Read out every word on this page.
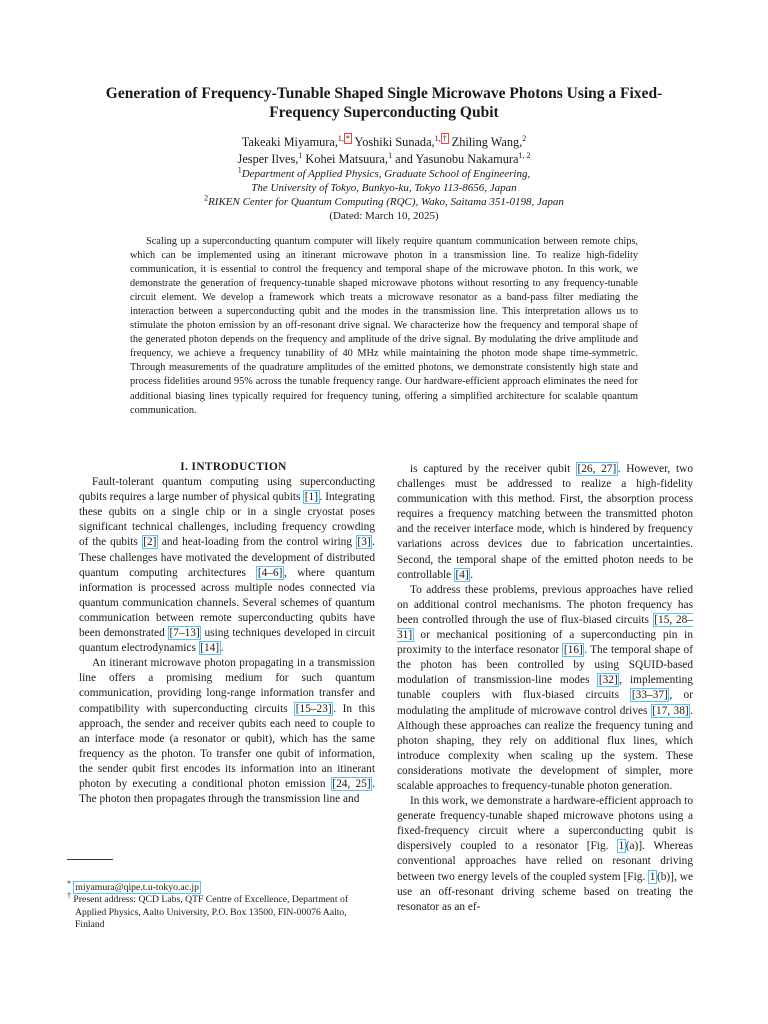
Generation of Frequency-Tunable Shaped Single Microwave Photons Using a Fixed-Frequency Superconducting Qubit
Takeaki Miyamura,$^{1,}$ * Yoshiki Sunada,$^{1,}$ † Zhiling Wang,$^2$
Jesper Ilves,$^1$ Kohei Matsuura,$^1$ and Yasunobu Nakamura$^{1, 2}$
$^1$Department of Applied Physics, Graduate School of Engineering,
The University of Tokyo, Bunkyo-ku, Tokyo 113-8656, Japan
$^2$RIKEN Center for Quantum Computing (RQC), Wako, Saitama 351-0198, Japan
(Dated: March 10, 2025)
Scaling up a superconducting quantum computer will likely require quantum communication between remote chips, which can be implemented using an itinerant microwave photon in a transmission line. To realize high-fidelity communication, it is essential to control the frequency and temporal shape of the microwave photon. In this work, we demonstrate the generation of frequency-tunable shaped microwave photons without resorting to any frequency-tunable circuit element. We develop a framework which treats a microwave resonator as a band-pass filter mediating the interaction between a superconducting qubit and the modes in the transmission line. This interpretation allows us to stimulate the photon emission by an off-resonant drive signal. We characterize how the frequency and temporal shape of the generated photon depends on the frequency and amplitude of the drive signal. By modulating the drive amplitude and frequency, we achieve a frequency tunability of 40 MHz while maintaining the photon mode shape time-symmetric. Through measurements of the quadrature amplitudes of the emitted photons, we demonstrate consistently high state and process fidelities around 95% across the tunable frequency range. Our hardware-efficient approach eliminates the need for additional biasing lines typically required for frequency tuning, offering a simplified architecture for scalable quantum communication.

I. INTRODUCTION

Fault-tolerant quantum computing using superconducting qubits requires a large number of physical qubits [1] . Integrating these qubits on a single chip or in a single cryostat poses significant technical challenges, including frequency crowding of the qubits [2] and heat-loading from the control wiring [3] . These challenges have motivated the development of distributed quantum computing architectures [4–6] , where quantum information is processed across multiple nodes connected via quantum communication channels. Several schemes of quantum communication between remote superconducting qubits have been demonstrated [7–13] using techniques developed in circuit quantum electrodynamics [14] .

An itinerant microwave photon propagating in a transmission line offers a promising medium for such quantum communication, providing long-range information transfer and compatibility with superconducting circuits [15–23] . In this approach, the sender and receiver qubits each need to couple to an interface mode (a resonator or qubit), which has the same frequency as the photon. To transfer one qubit of information, the sender qubit first encodes its information into an itinerant photon by executing a conditional photon emission [24, 25] . The photon then propagates through the transmission line and

is captured by the receiver qubit [26, 27] . However, two challenges must be addressed to realize a high-fidelity communication with this method. First, the absorption process requires a frequency matching between the transmitted photon and the receiver interface mode, which is hindered by frequency variations across devices due to fabrication uncertainties. Second, the temporal shape of the emitted photon needs to be controllable [4] .

To address these problems, previous approaches have relied on additional control mechanisms. The photon frequency has been controlled through the use of flux-biased circuits [15, 28–31] or mechanical positioning of a superconducting pin in proximity to the interface resonator [16] . The temporal shape of the photon has been controlled by using SQUID-based modulation of transmission-line modes [32] , implementing tunable couplers with flux-biased circuits [33–37] , or modulating the amplitude of microwave control drives [17, 38] . Although these approaches can realize the frequency tuning and photon shaping, they rely on additional flux lines, which introduce complexity when scaling up the system. These considerations motivate the development of simpler, more scalable approaches to frequency-tunable photon generation.

In this work, we demonstrate a hardware-efficient approach to generate frequency-tunable shaped microwave photons using a fixed-frequency circuit where a superconducting qubit is dispersively coupled to a resonator [Fig. 1 (a)]. Whereas conventional approaches have relied on resonant driving between two energy levels of the coupled system [Fig. 1 (b)], we use an off-resonant driving scheme based on treating the resonator as an ef-

* miyamura@qipe.t.u-tokyo.ac.jp
† Present address: QCD Labs, QTF Centre of Excellence, Department of Applied Physics, Aalto University, P.O. Box 13500, FIN-00076 Aalto, Finland
